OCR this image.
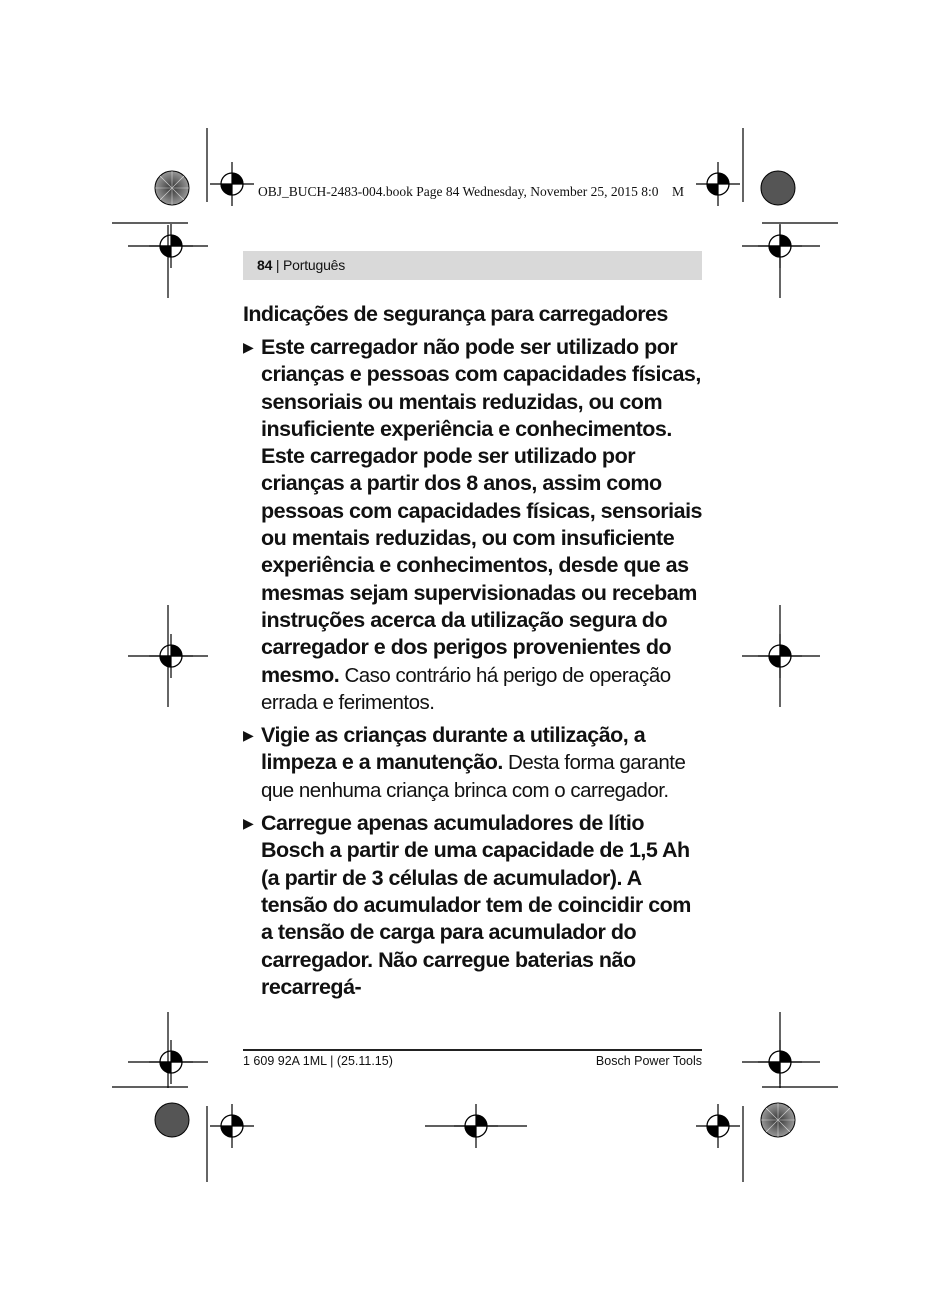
OBJ_BUCH-2483-004.book Page 84 Wednesday, November 25, 2015 8:0    M
84 | Português
Indicações de segurança para carregadores
▶ Este carregador não pode ser utilizado por crianças e pessoas com capacidades físicas, sensoriais ou mentais reduzidas, ou com insuficiente experiência e conhecimentos. Este carregador pode ser utilizado por crianças a partir dos 8 anos, assim como pessoas com capacidades físicas, sensoriais ou mentais reduzidas, ou com insuficiente experiência e conhecimentos, desde que as mesmas sejam supervisionadas ou recebam instruções acerca da utilização segura do carregador e dos perigos provenientes do mesmo. Caso contrário há perigo de operação errada e ferimentos.
▶ Vigie as crianças durante a utilização, a limpeza e a manutenção. Desta forma garante que nenhuma criança brinca com o carregador.
▶ Carregue apenas acumuladores de lítio Bosch a partir de uma capacidade de 1,5 Ah (a partir de 3 células de acumulador). A tensão do acumulador tem de coincidir com a tensão de carga para acumulador do carregador. Não carregue baterias não recarregá-
1 609 92A 1ML | (25.11.15)	Bosch Power Tools
